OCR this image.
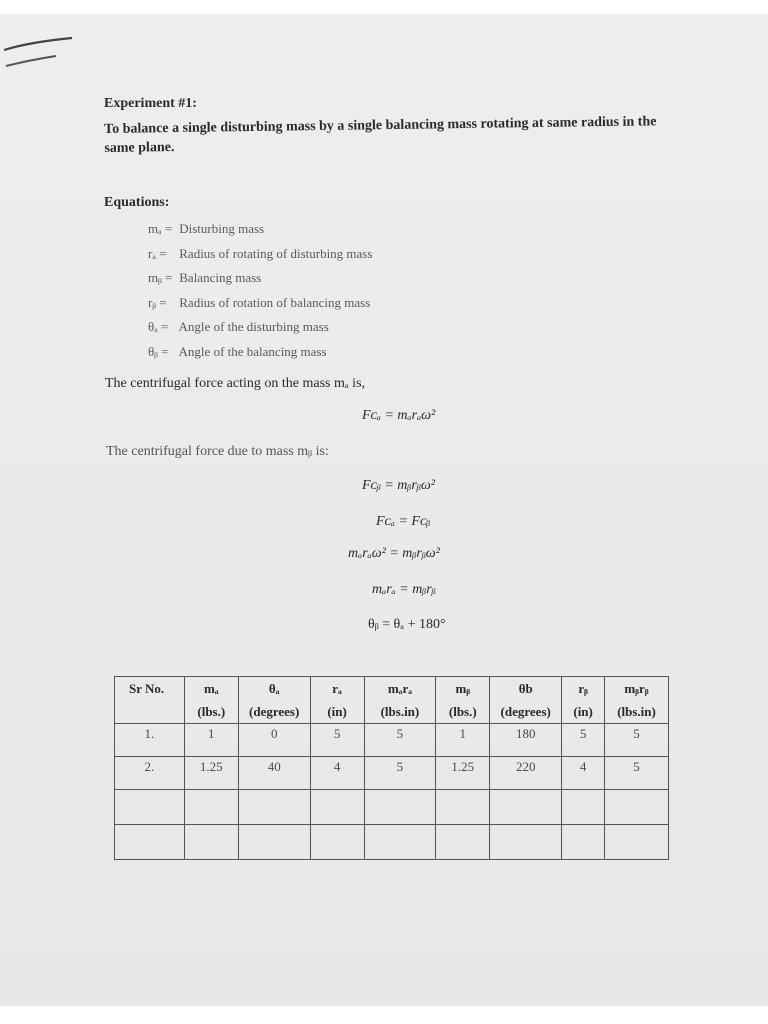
Experiment #1:
To balance a single disturbing mass by a single balancing mass rotating at same radius in the same plane.
Equations:
mₐ = Disturbing mass
rₐ = Radius of rotating of disturbing mass
mᵦ = Balancing mass
rᵦ = Radius of rotation of balancing mass
θₐ = Angle of the disturbing mass
θᵦ = Angle of the balancing mass
The centrifugal force acting on the mass mₐ is,
Fᴄₐ = mₐrₐω²
The centrifugal force due to mass mᵦ is:
Fᴄᵦ = mᵦrᵦω²
Fᴄₐ = Fᴄᵦ
mₐrₐω² = mᵦrᵦω²
mₐrₐ = mᵦrᵦ
θᵦ = θₐ + 180°
Sr No.	mₐ	θₐ	rₐ	mₐrₐ	mᵦ	θb	rᵦ	mᵦrᵦ
	(lbs.)	(degrees)	(in)	(lbs.in)	(lbs.)	(degrees)	(in)	(lbs.in)
1.	1	0	5	5	1	180	5	5
2.	1.25	40	4	5	1.25	220	4	5
